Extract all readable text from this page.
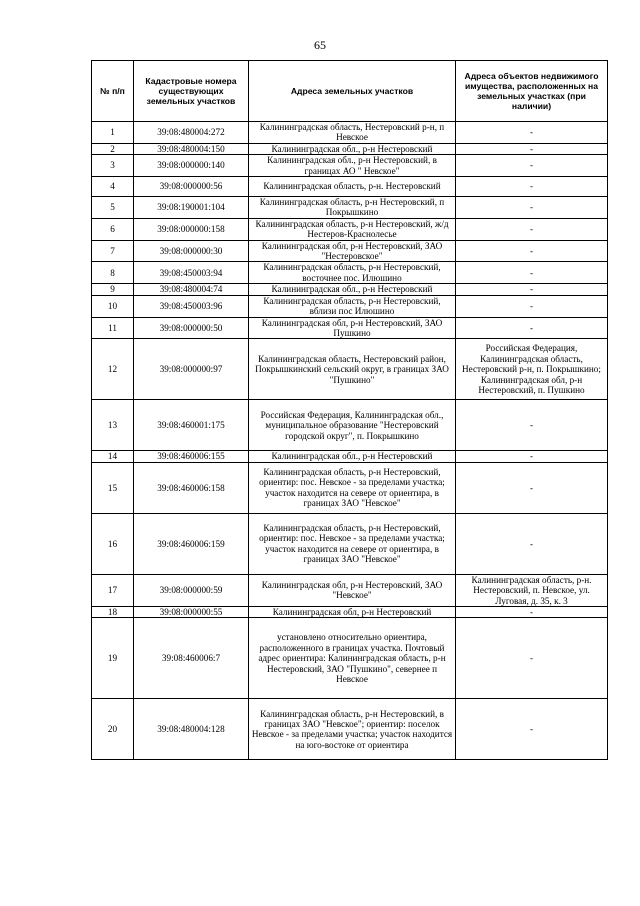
65
№ п/п	Кадастровые номера существующих земельных участков	Адреса земельных участков	Адреса объектов недвижимого имущества, расположенных на земельных участках (при наличии)
1	39:08:480004:272	Калининградская область, Нестеровский р-н, п Невское	-
2	39:08:480004:150	Калининградская обл., р-н Нестеровский	-
3	39:08:000000:140	Калининградская обл., р-н Нестеровский, в границах АО " Невское"	-
4	39:08:000000:56	Калининградская область, р-н. Нестеровский	-
5	39:08:190001:104	Калининградская область, р-н Нестеровский, п Покрышкино	-
6	39:08:000000:158	Калининградская область, р-н Нестеровский, ж/д Нестеров-Краснолесье	-
7	39:08:000000:30	Калининградская обл, р-н Нестеровский, ЗАО "Нестеровское"	-
8	39:08:450003:94	Калининградская область, р-н Нестеровский, восточнее пос. Илюшино	-
9	39:08:480004:74	Калининградская обл., р-н Нестеровский	-
10	39:08:450003:96	Калининградская область, р-н Нестеровский, вблизи пос Илюшино	-
11	39:08:000000:50	Калининградская обл, р-н Нестеровский, ЗАО Пушкино	-
12	39:08:000000:97	Калининградская область, Нестеровский район, Покрышкинский сельский округ, в границах ЗАО "Пушкино"	Российская Федерация, Калининградская область, Нестеровский р-н, п. Покрышкино; Калининградская обл, р-н Нестеровский, п. Пушкино
13	39:08:460001:175	Российская Федерация, Калининградская обл., муниципальное образование "Нестеровский городской округ", п. Покрышкино	-
14	39:08:460006:155	Калининградская обл., р-н Нестеровский	-
15	39:08:460006:158	Калининградская область, р-н Нестеровский, ориентир: пос. Невское - за пределами участка; участок находится на севере от ориентира, в границах ЗАО "Невское"	-
16	39:08:460006:159	Калининградская область, р-н Нестеровский, ориентир: пос. Невское - за пределами участка; участок находится на севере от ориентира, в границах ЗАО "Невское"	-
17	39:08:000000:59	Калининградская обл, р-н Нестеровский, ЗАО "Невское"	Калининградская область, р-н. Нестеровский, п. Невское, ул. Луговая, д. 35, к. 3
18	39:08:000000:55	Калининградская обл, р-н Нестеровский	-
19	39:08:460006:7	установлено относительно ориентира, расположенного в границах участка. Почтовый адрес ориентира: Калининградская область, р-н Нестеровский, ЗАО "Пушкино", севернее п Невское	-
20	39:08:480004:128	Калининградская область, р-н Нестеровский, в границах ЗАО "Невское"; ориентир: поселок Невское - за пределами участка; участок находится на юго-востоке от ориентира	-
